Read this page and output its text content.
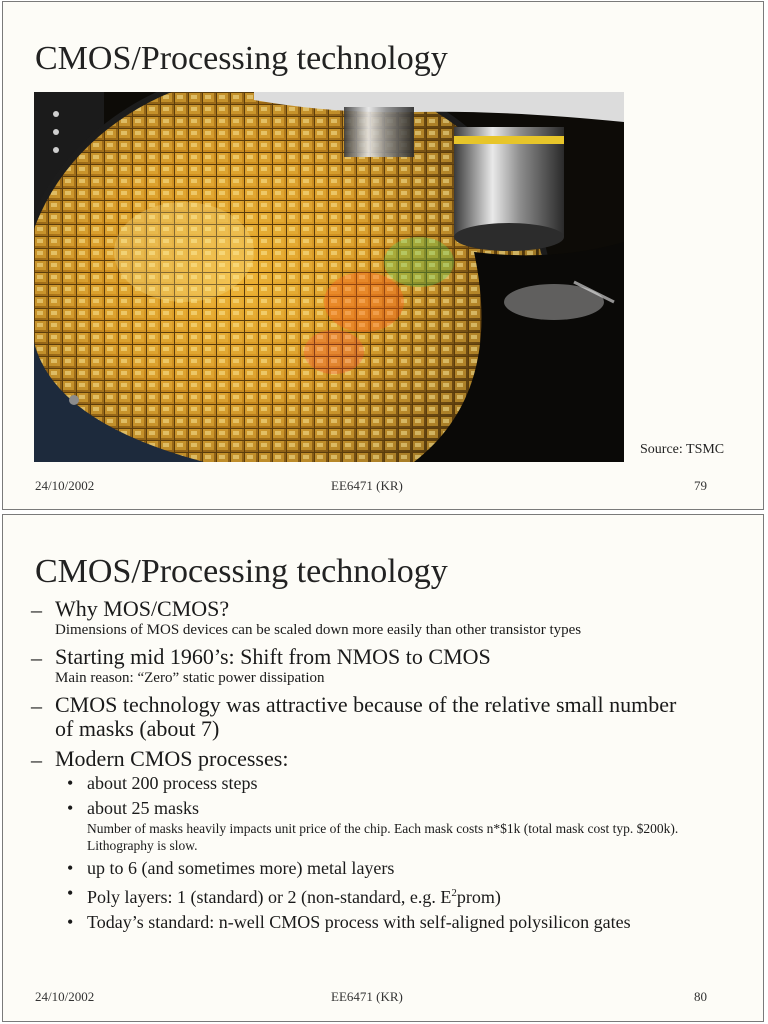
CMOS/Processing technology
Source: TSMC
24/10/2002	EE6471 (KR)	79
CMOS/Processing technology
– Why MOS/CMOS?
Dimensions of MOS devices can be scaled down more easily than other transistor types
– Starting mid 1960’s: Shift from NMOS to CMOS
Main reason: “Zero” static power dissipation
– CMOS technology was attractive because of the relative small number of masks (about 7)
– Modern CMOS processes:
• about 200 process steps
• about 25 masks
Number of masks heavily impacts unit price of the chip. Each mask costs n*$1k (total mask cost typ. $200k). Lithography is slow.
• up to 6 (and sometimes more) metal layers
• Poly layers: 1 (standard) or 2 (non-standard, e.g. $E^2prom$)
• Today’s standard: n-well CMOS process with self-aligned polysilicon gates
24/10/2002	EE6471 (KR)	80
